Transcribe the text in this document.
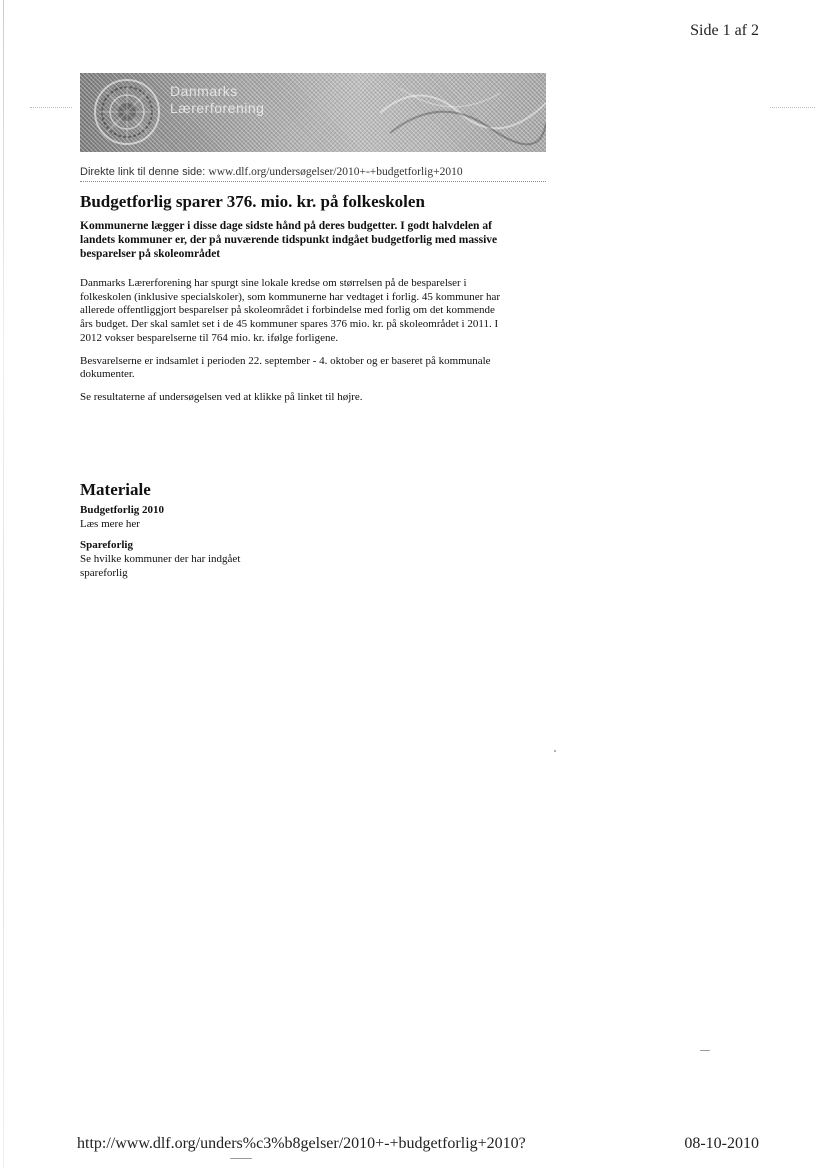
Side 1 af 2
Danmarks
Lærerforening
Direkte link til denne side: www.dlf.org/undersøgelser/2010+-+budgetforlig+2010
Budgetforlig sparer 376. mio. kr. på folkeskolen

Kommunerne lægger i disse dage sidste hånd på deres budgetter. I godt halvdelen af landets kommuner er, der på nuværende tidspunkt indgået budgetforlig med massive besparelser på skoleområdet

Danmarks Lærerforening har spurgt sine lokale kredse om størrelsen på de besparelser i folkeskolen (inklusive specialskoler), som kommunerne har vedtaget i forlig. 45 kommuner har allerede offentliggjort besparelser på skoleområdet i forbindelse med forlig om det kommende års budget. Der skal samlet set i de 45 kommuner spares 376 mio. kr. på skoleområdet i 2011. I 2012 vokser besparelserne til 764 mio. kr. ifølge forligene.

Besvarelserne er indsamlet i perioden 22. september - 4. oktober og er baseret på kommunale dokumenter.

Se resultaterne af undersøgelsen ved at klikke på linket til højre.

Materiale
Budgetforlig 2010
Læs mere her
Spareforlig
Se hvilke kommuner der har indgået spareforlig
http://www.dlf.org/unders%c3%b8gelser/2010+-+budgetforlig+2010?	08-10-2010
